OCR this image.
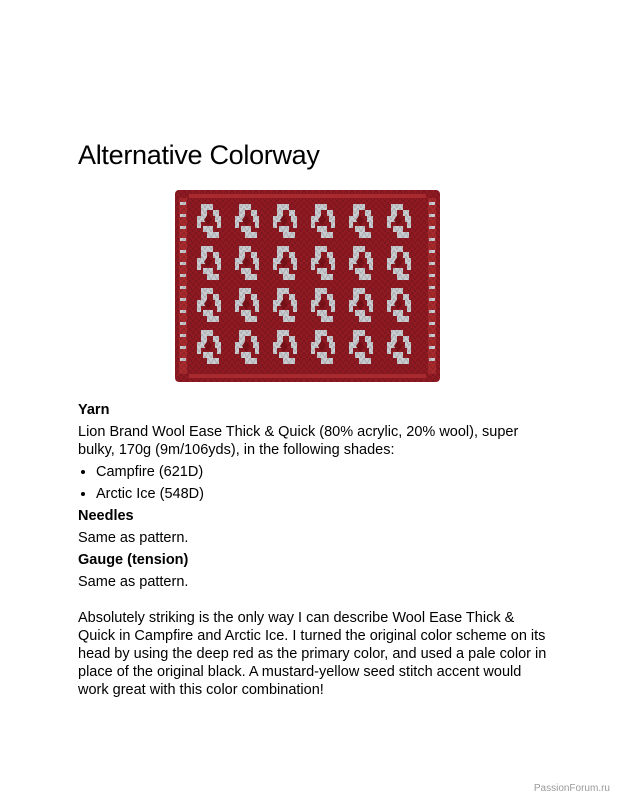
Alternative Colorway
Yarn
Lion Brand Wool Ease Thick & Quick (80% acrylic, 20% wool), super bulky, 170g (9m/106yds), in the following shades:
• Campfire (621D)
• Arctic Ice (548D)
Needles
Same as pattern.
Gauge (tension)
Same as pattern.
Absolutely striking is the only way I can describe Wool Ease Thick & Quick in Campfire and Arctic Ice. I turned the original color scheme on its head by using the deep red as the primary color, and used a pale color in place of the original black. A mustard-yellow seed stitch accent would work great with this color combination!
PassionForum.ru
